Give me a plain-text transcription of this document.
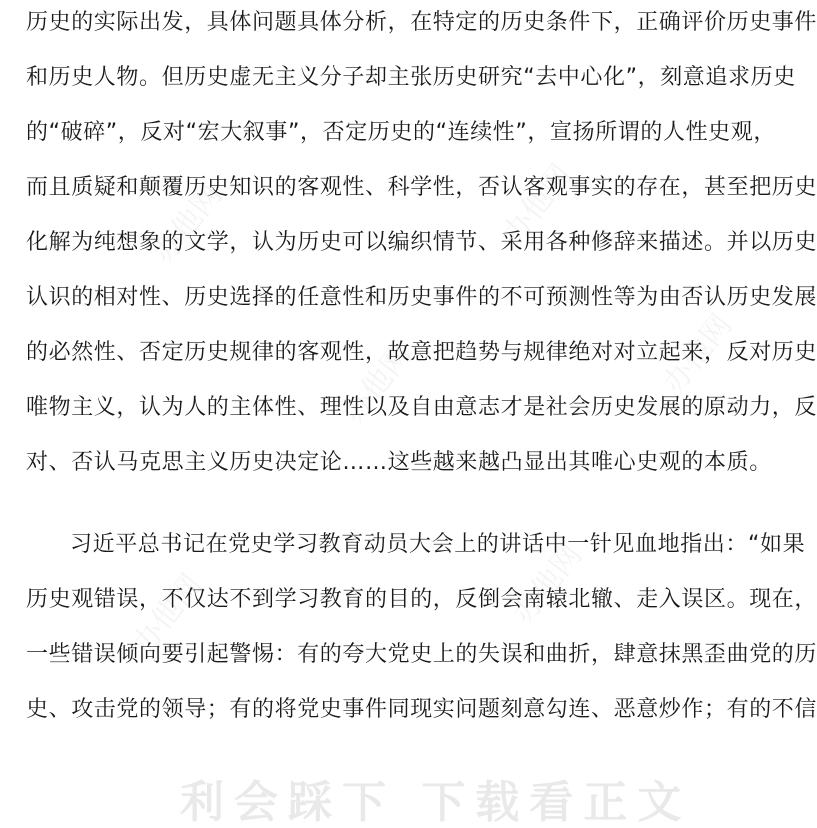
办他网	办他网
办他网	办他网
办他网	办他网
历史的实际出发，具体问题具体分析，在特定的历史条件下，正确评价历史事件
和历史人物。但历史虚无主义分子却主张历史研究“去中心化”，刻意追求历史
的“破碎”，反对“宏大叙事”，否定历史的“连续性”，宣扬所谓的人性史观，
而且质疑和颠覆历史知识的客观性、科学性，否认客观事实的存在，甚至把历史
化解为纯想象的文学，认为历史可以编织情节、采用各种修辞来描述。并以历史
认识的相对性、历史选择的任意性和历史事件的不可预测性等为由否认历史发展
的必然性、否定历史规律的客观性，故意把趋势与规律绝对对立起来，反对历史
唯物主义，认为人的主体性、理性以及自由意志才是社会历史发展的原动力，反
对、否认马克思主义历史决定论……这些越来越凸显出其唯心史观的本质。
习近平总书记在党史学习教育动员大会上的讲话中一针见血地指出：“如果
历史观错误，不仅达不到学习教育的目的，反倒会南辕北辙、走入误区。现在，
一些错误倾向要引起警惕：有的夸大党史上的失误和曲折，肆意抹黑歪曲党的历
史、攻击党的领导；有的将党史事件同现实问题刻意勾连、恶意炒作；有的不信
利会踩下 下载看正文
